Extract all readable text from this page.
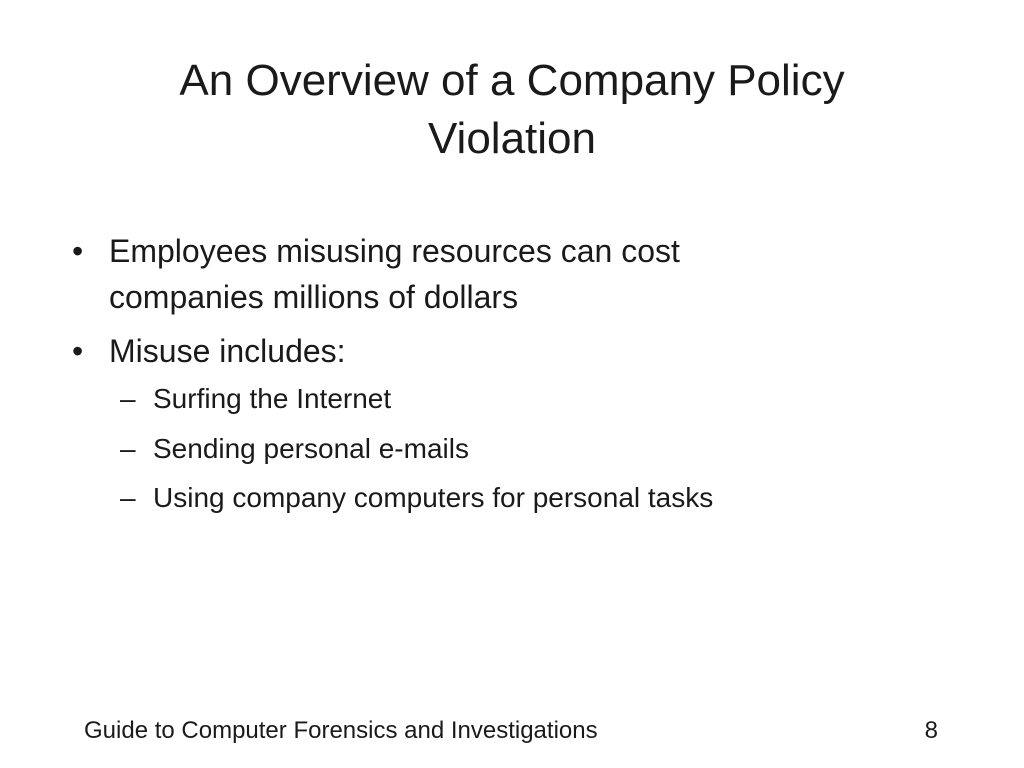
An Overview of a Company Policy
Violation
• Employees misusing resources can cost
companies millions of dollars
• Misuse includes:
– Surfing the Internet
– Sending personal e-mails
– Using company computers for personal tasks
Guide to Computer Forensics and Investigations	8
